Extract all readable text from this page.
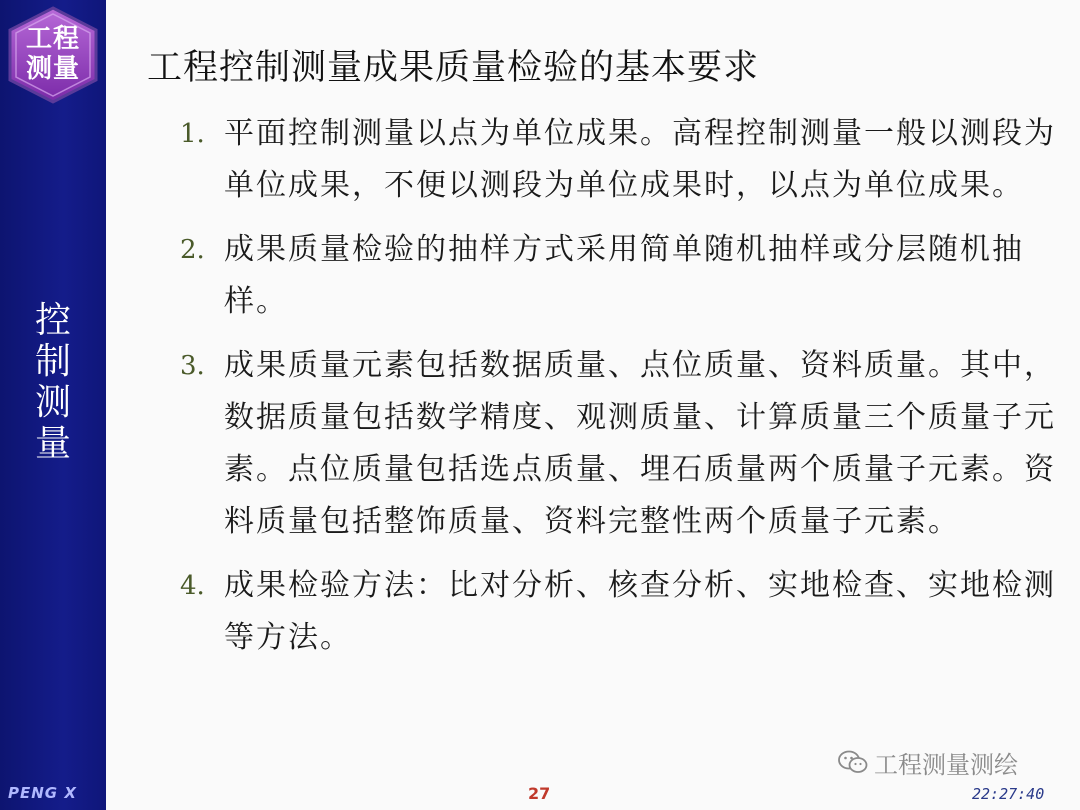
工程
测量
控
制
测
量
PENG X
工程控制测量成果质量检验的基本要求
1. 平面控制测量以点为单位成果。高程控制测量一般以测段为单位成果，不便以测段为单位成果时，以点为单位成果。
2. 成果质量检验的抽样方式采用简单随机抽样或分层随机抽样。
3. 成果质量元素包括数据质量、点位质量、资料质量。其中，数据质量包括数学精度、观测质量、计算质量三个质量子元素。点位质量包括选点质量、埋石质量两个质量子元素。资料质量包括整饰质量、资料完整性两个质量子元素。
4. 成果检验方法：比对分析、核查分析、实地检查、实地检测等方法。
27
工程测量测绘
22:27:40
